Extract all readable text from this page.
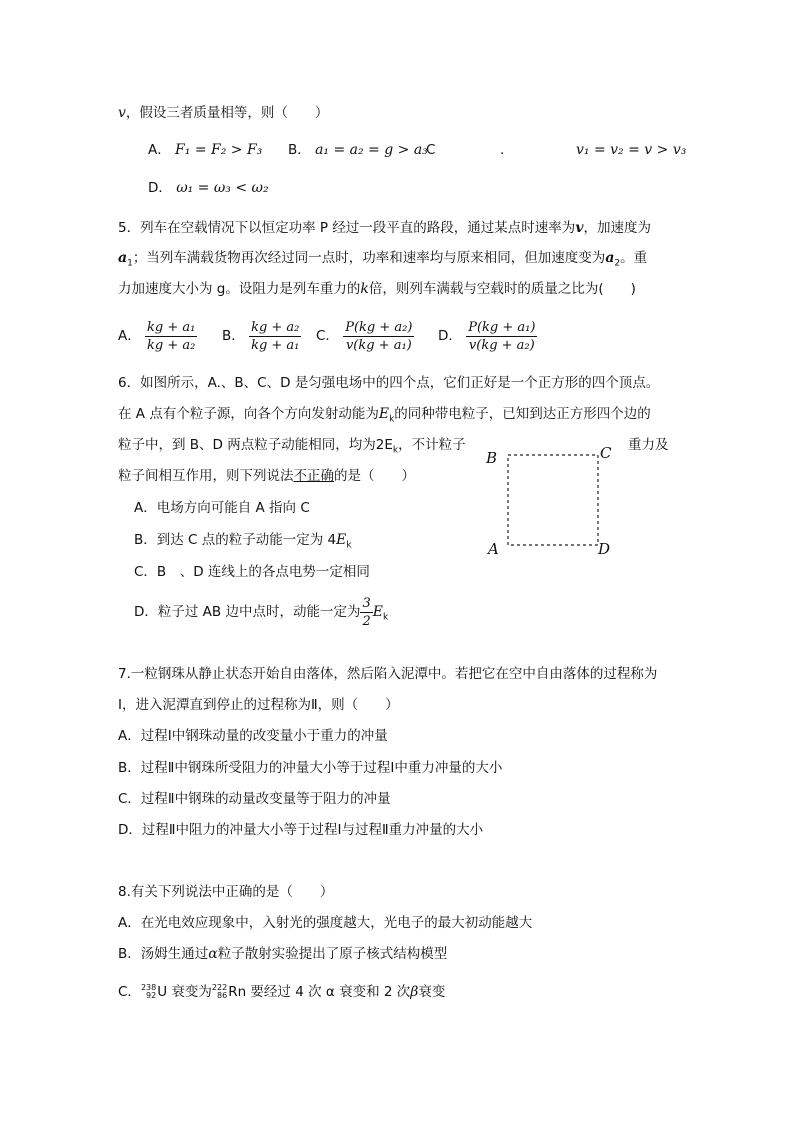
v，假设三者质量相等，则（　　）
A． F₁ = F₂ > F₃ B． a₁ = a₂ = g > a₃
C	.	v₁ = v₂ = v > v₃
D． ω₁ = ω₃ < ω₂
5．列车在空载情况下以恒定功率 P 经过一段平直的路段，通过某点时速率为v，加速度为
$a_1$；当列车满载货物再次经过同一点时，功率和速率均与原来相同，但加速度变为$a_2$。重
力加速度大小为 g。设阻力是列车重力的k倍，则列车满载与空载时的质量之比为(　　)
A． $\frac{\text{kg + a₁}}{\text{kg + a₂}}$ B． $\frac{\text{kg + a₂}}{\text{kg + a₁}}$ C． $\frac{\text{P(kg + a₂)}}{\text{v(kg + a₁)}}$ D． $\frac{\text{P(kg + a₁)}}{\text{v(kg + a₂)}}$
6．如图所示，A.、B、C、D 是匀强电场中的四个点，它们正好是一个正方形的四个顶点。
在 A 点有个粒子源，向各个方向发射动能为$E_k$的同种带电粒子，已知到达正方形四个边的
粒子中，到 B、D 两点粒子动能相同，均为$2E_k$，不计粒子	重力及
粒子间相互作用，则下列说法不正确的是（　　）
A．电场方向可能自 A 指向 C
B．到达 C 点的粒子动能一定为 $4E_k$
C．B　、D 连线上的各点电势一定相同
D．粒子过 AB 边中点时，动能一定为 $\frac{3}{2} E_k$
B	C
A	D
7.一粒钢珠从静止状态开始自由落体，然后陷入泥潭中。若把它在空中自由落体的过程称为
Ⅰ，进入泥潭直到停止的过程称为Ⅱ，则（　　）
A．过程Ⅰ中钢珠动量的改变量小于重力的冲量
B．过程Ⅱ中钢珠所受阻力的冲量大小等于过程Ⅰ中重力冲量的大小
C．过程Ⅱ中钢珠的动量改变量等于阻力的冲量
D．过程Ⅱ中阻力的冲量大小等于过程Ⅰ与过程Ⅱ重力冲量的大小
8.有关下列说法中正确的是（　　）
A．在光电效应现象中，入射光的强度越大，光电子的最大初动能越大
B．汤姆生通过α粒子散射实验提出了原子核式结构模型
C． 238
92 U 衰变为 222
86 Rn 要经过 4 次 α 衰变和 2 次β衰变
